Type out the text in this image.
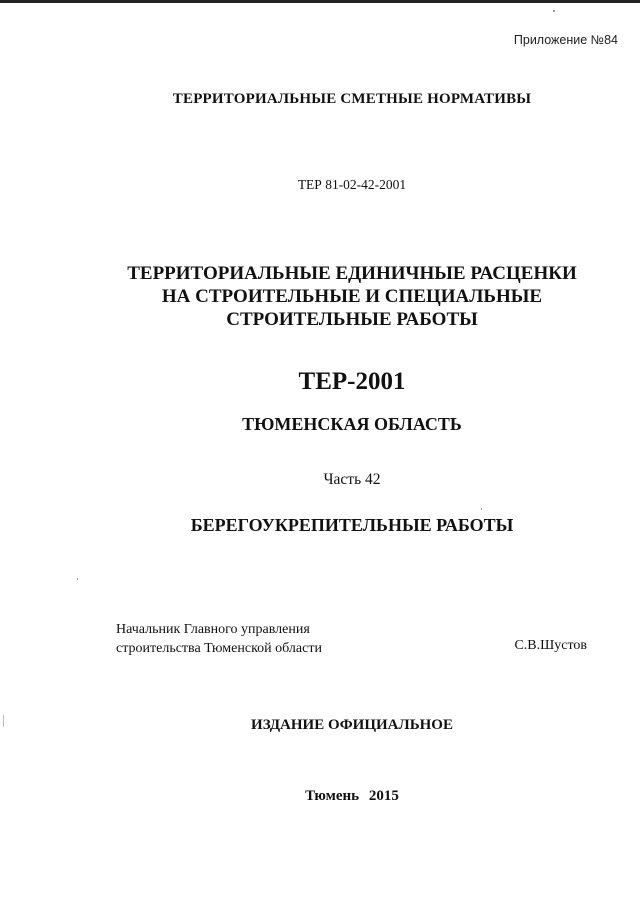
Приложение №84
ТЕРРИТОРИАЛЬНЫЕ СМЕТНЫЕ НОРМАТИВЫ
ТЕР 81-02-42-2001
ТЕРРИТОРИАЛЬНЫЕ ЕДИНИЧНЫЕ РАСЦЕНКИ
НА СТРОИТЕЛЬНЫЕ И СПЕЦИАЛЬНЫЕ
СТРОИТЕЛЬНЫЕ РАБОТЫ
ТЕР-2001
ТЮМЕНСКАЯ ОБЛАСТЬ
Часть 42
БЕРЕГОУКРЕПИТЕЛЬНЫЕ РАБОТЫ
Начальник Главного управления
строительства Тюменской области	С.В.Шустов
ИЗДАНИЕ ОФИЦИАЛЬНОЕ
Тюмень 2015
